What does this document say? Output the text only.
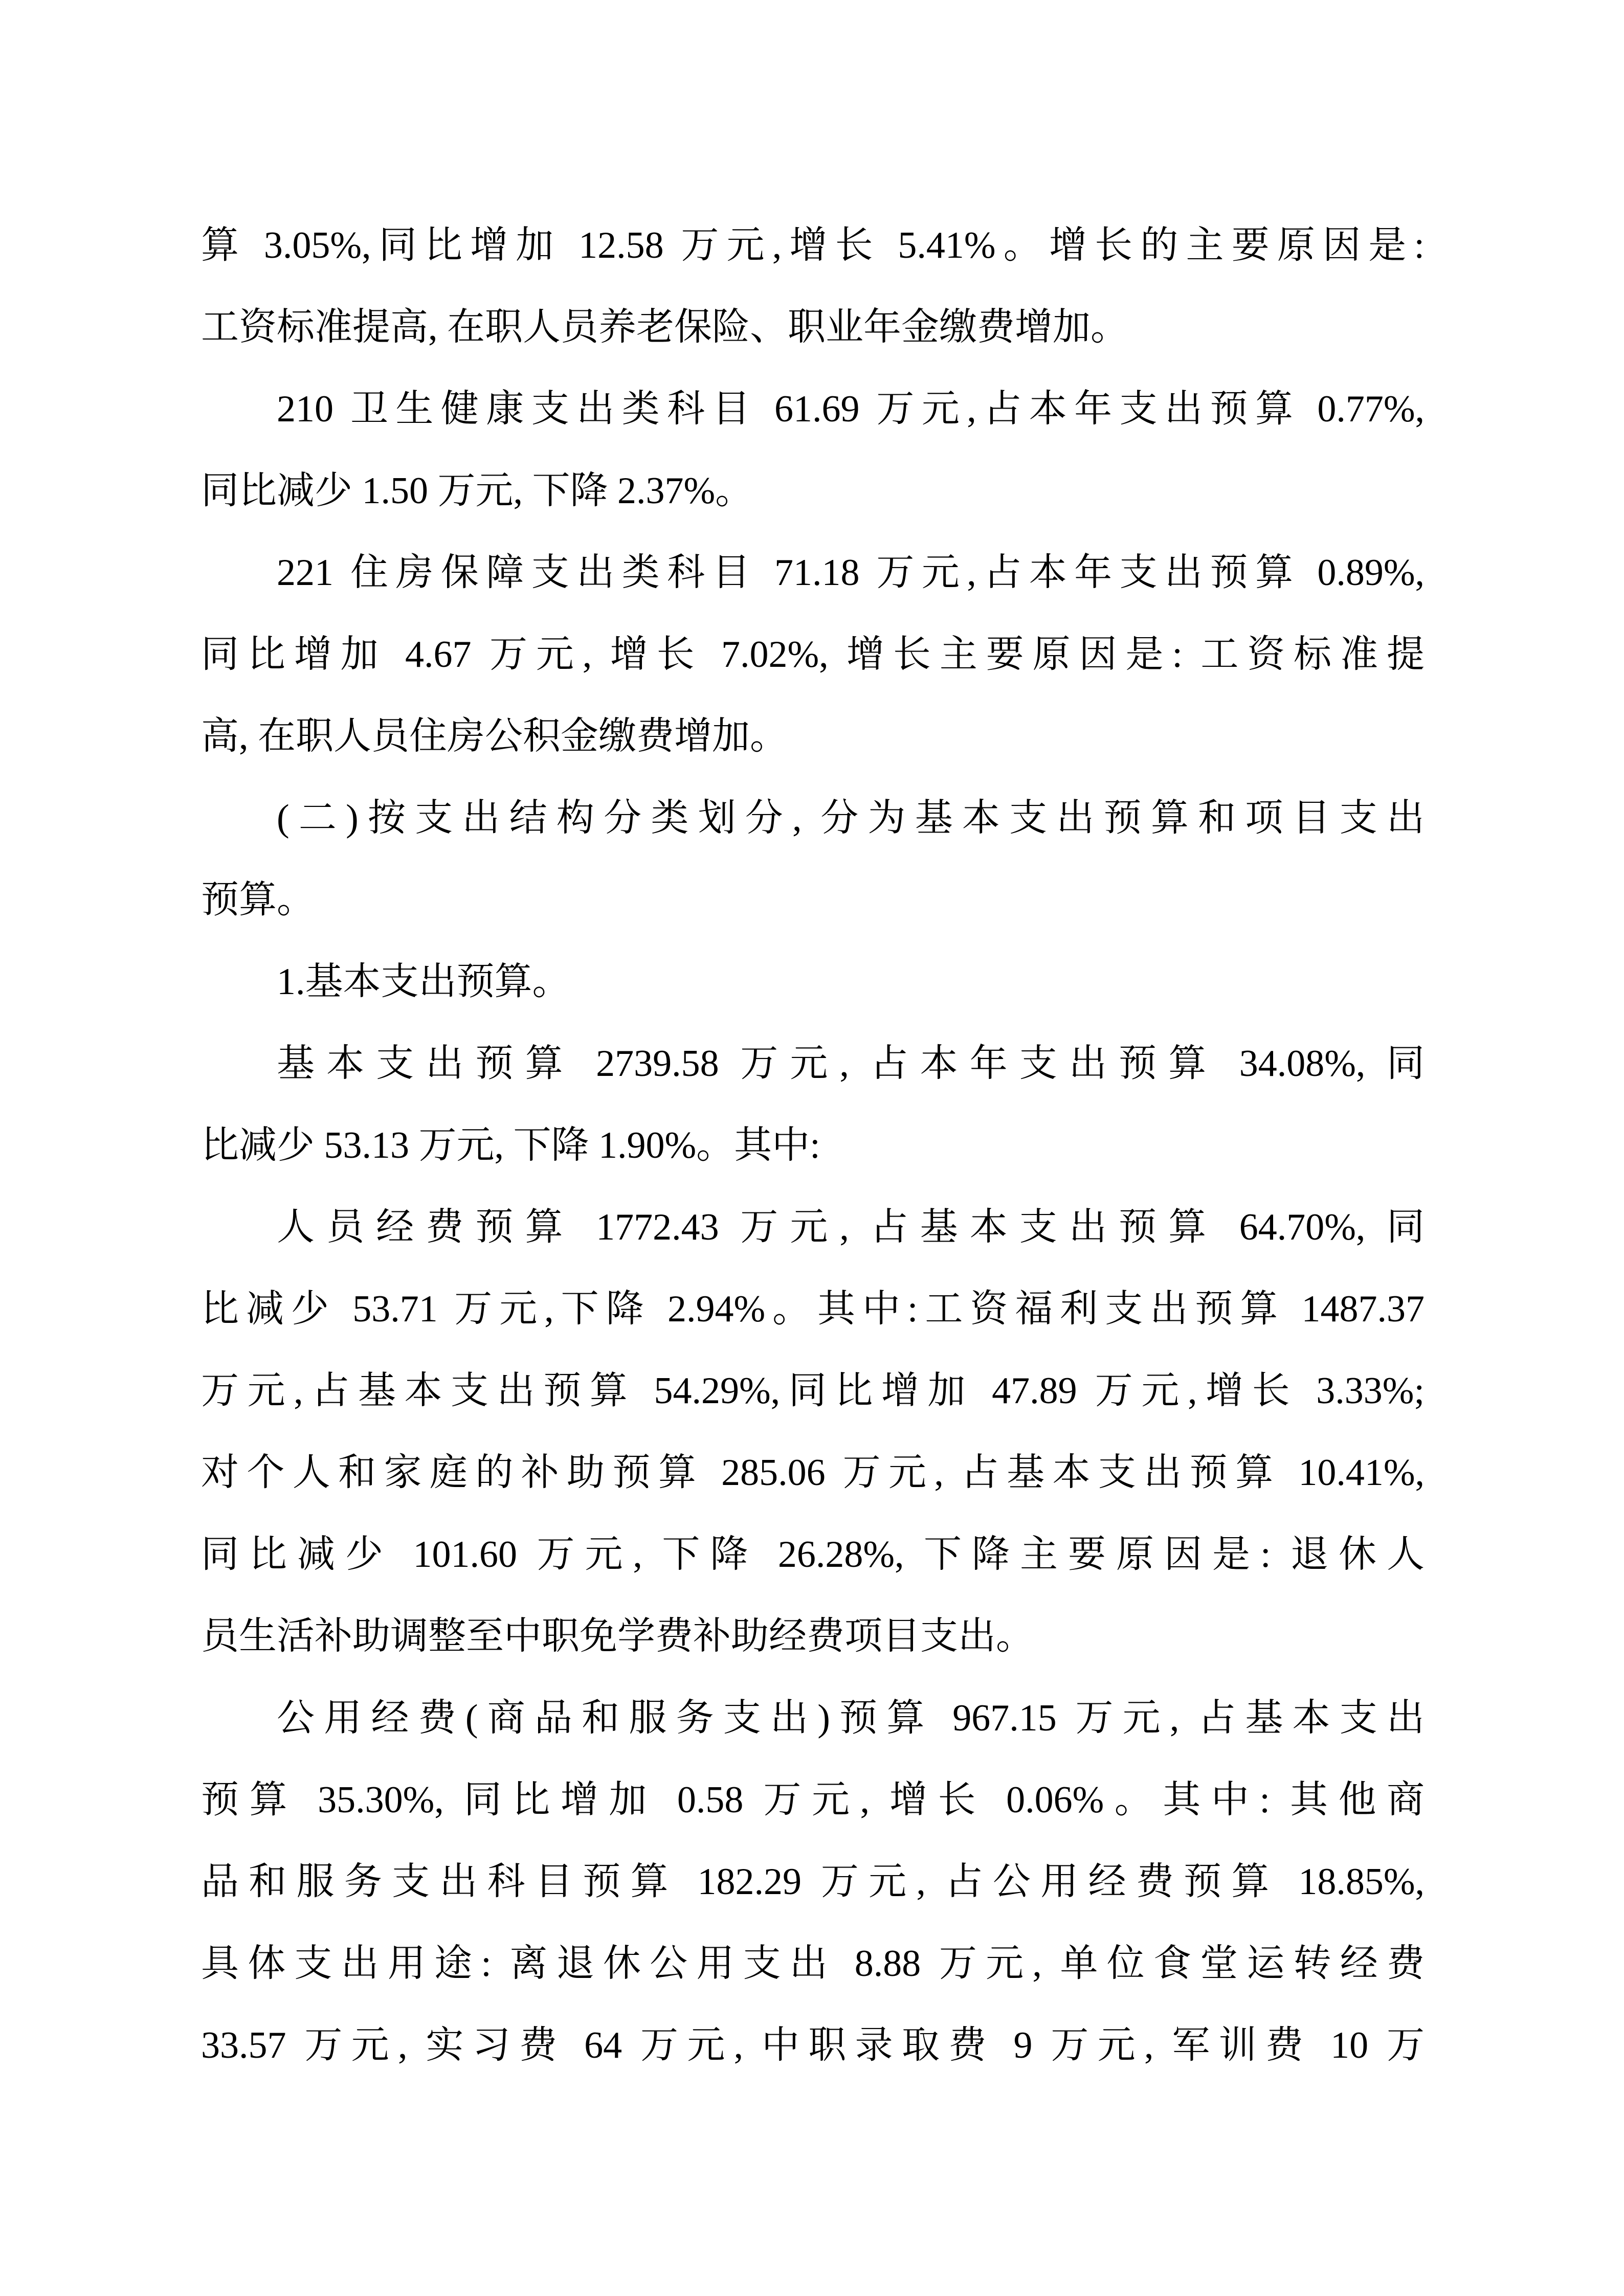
算 3.05%,同比增加 12.58 万元,增长 5.41%。增长的主要原因是:
工资标准提高, 在职人员养老保险、职业年金缴费增加。
210 卫生健康支出类科目 61.69 万元,占本年支出预算 0.77%,
同比减少 1.50 万元, 下降 2.37%。
221 住房保障支出类科目 71.18 万元,占本年支出预算 0.89%,
同比增加 4.67 万元, 增长 7.02%, 增长主要原因是: 工资标准提
高, 在职人员住房公积金缴费增加。
(二)按支出结构分类划分, 分为基本支出预算和项目支出
预算。
1.基本支出预算。
基本支出预算 2739.58 万元, 占本年支出预算 34.08%, 同
比减少 53.13 万元, 下降 1.90%。其中:
人员经费预算 1772.43 万元, 占基本支出预算 64.70%, 同
比减少 53.71 万元,下降 2.94%。其中:工资福利支出预算 1487.37
万元,占基本支出预算 54.29%,同比增加 47.89 万元,增长 3.33%;
对个人和家庭的补助预算 285.06 万元, 占基本支出预算 10.41%,
同比减少 101.60 万元, 下降 26.28%, 下降主要原因是: 退休人
员生活补助调整至中职免学费补助经费项目支出。
公用经费(商品和服务支出)预算 967.15 万元, 占基本支出
预算 35.30%, 同比增加 0.58 万元, 增长 0.06%。其中: 其他商
品和服务支出科目预算 182.29 万元, 占公用经费预算 18.85%,
具体支出用途: 离退休公用支出 8.88 万元, 单位食堂运转经费
33.57 万元, 实习费 64 万元, 中职录取费 9 万元, 军训费 10 万
